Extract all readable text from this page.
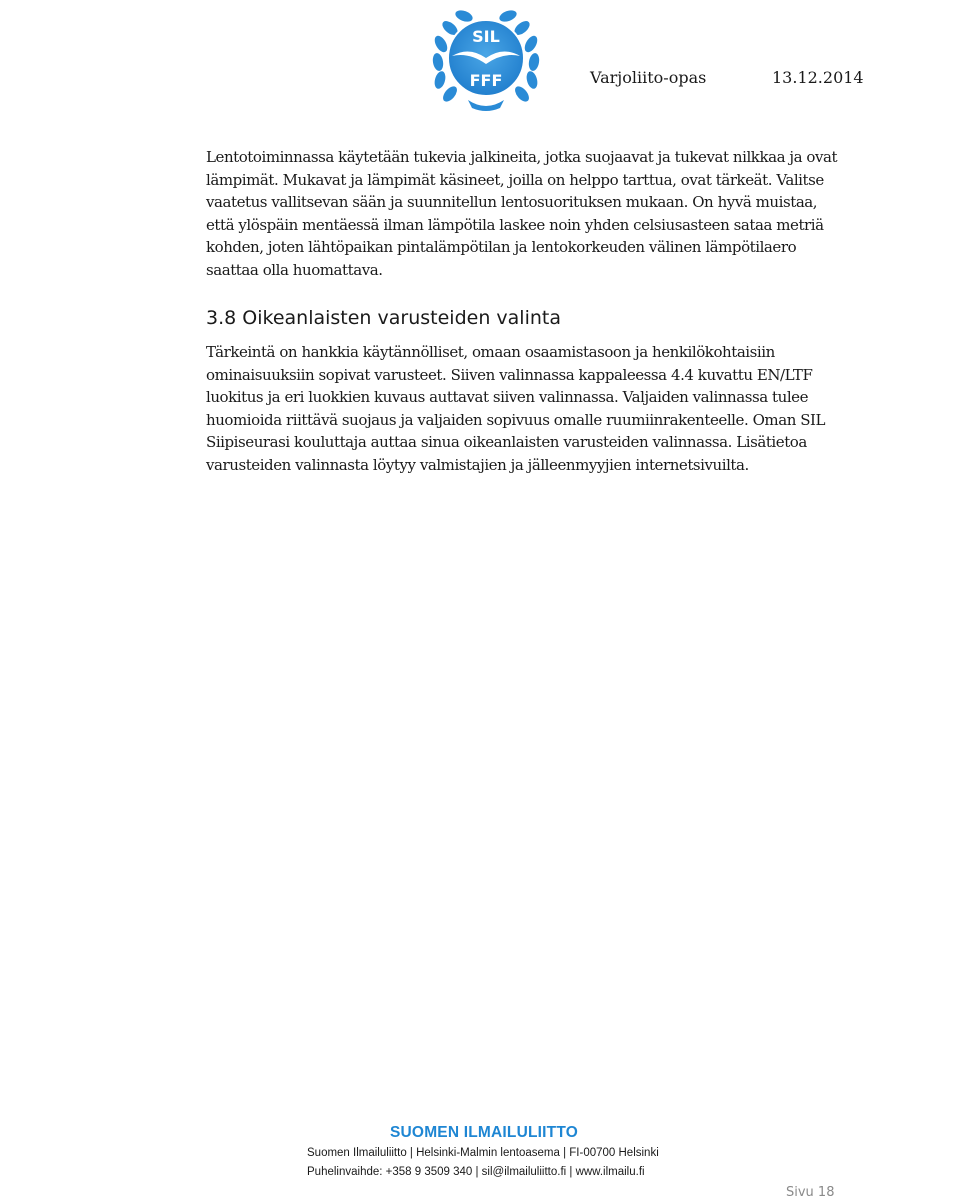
SIL
FFF	Varjoliito-opas	13.12.2014

Lentotoiminnassa käytetään tukevia jalkineita, jotka suojaavat ja tukevat nilkkaa ja ovat lämpimät. Mukavat ja lämpimät käsineet, joilla on helppo tarttua, ovat tärkeät. Valitse vaatetus vallitsevan sään ja suunnitellun lentosuorituksen mukaan. On hyvä muistaa, että ylöspäin mentäessä ilman lämpötila laskee noin yhden celsiusasteen sataa metriä kohden, joten lähtöpaikan pintalämpötilan ja lentokorkeuden välinen lämpötilaero saattaa olla huomattava.

3.8 Oikeanlaisten varusteiden valinta

Tärkeintä on hankkia käytännölliset, omaan osaamistasoon ja henkilökohtaisiin ominaisuuksiin sopivat varusteet. Siiven valinnassa kappaleessa 4.4 kuvattu EN/LTF luokitus ja eri luokkien kuvaus auttavat siiven valinnassa. Valjaiden valinnassa tulee huomioida riittävä suojaus ja valjaiden sopivuus omalle ruumiinrakenteelle. Oman SIL Siipiseurasi kouluttaja auttaa sinua oikeanlaisten varusteiden valinnassa. Lisätietoa varusteiden valinnasta löytyy valmistajien ja jälleenmyyjien internetsivuilta.

SUOMEN ILMAILULIITTO
Suomen Ilmailuliitto | Helsinki-Malmin lentoasema | FI-00700 Helsinki
Puhelinvaihde: +358 9 3509 340 | sil@ilmailuliitto.fi | www.ilmailu.fi
Sivu 18
